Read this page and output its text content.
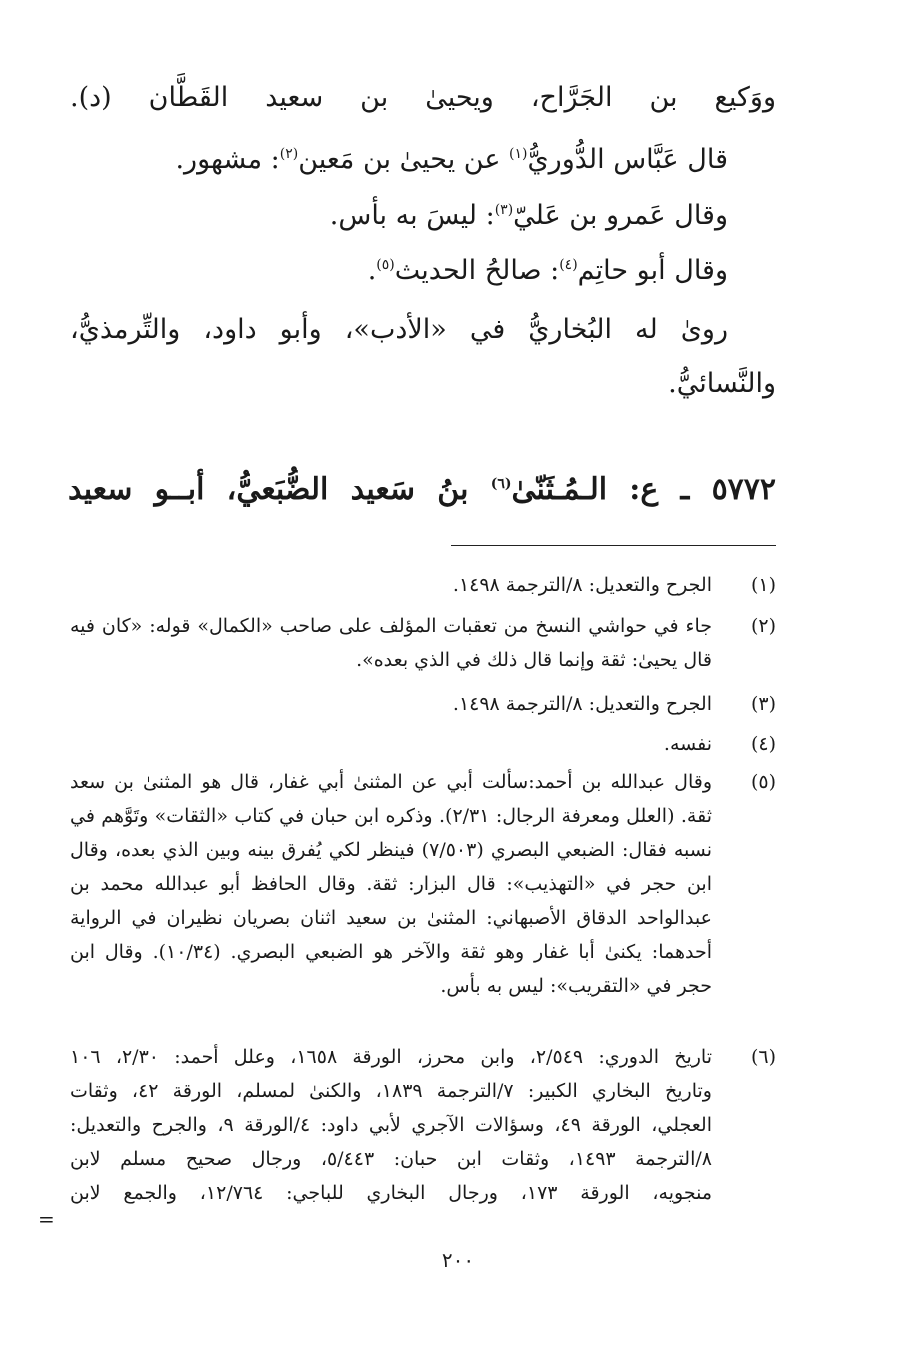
ووَكيع بن الجَرَّاح، ويحيىٰ بن سعيد القَطَّان (د).
قال عَبَّاس الدُّوريُّ$^{(١)}$ عن يحيىٰ بن مَعين$^{(٢)}$: مشهور.
وقال عَمرو بن عَليّ$^{(٣)}$: ليسَ به بأس.
وقال أبو حاتِم$^{(٤)}$: صالحُ الحديث$^{(٥)}$.
روىٰ له البُخاريُّ في «الأدب»، وأبو داود، والتِّرمذيُّ،
والنَّسائيُّ.
٥٧٧٢ ـ ع: الـمُـثَنّىٰ$^{(٦)}$ بنُ سَعيد الضُّبَعيُّ، أبــو سعيد
(١)
الجرح والتعديل: ٨/الترجمة ١٤٩٨.
(٢)
جاء في حواشي النسخ من تعقبات المؤلف على صاحب «الكمال» قوله: «كان فيه
قال يحيىٰ: ثقة وإنما قال ذلك في الذي بعده».
(٣)
الجرح والتعديل: ٨/الترجمة ١٤٩٨.
(٤)
نفسه.
(٥)
وقال عبدالله بن أحمد:سألت أبي عن المثنىٰ أبي غفار، قال هو المثنىٰ بن سعد
ثقة. (العلل ومعرفة الرجال: ٢/٣١). وذكره ابن حبان في كتاب «الثقات» وتَوَّهم في
نسبه فقال: الضبعي البصري (٧/٥٠٣) فينظر لكي يُفرق بينه وبين الذي بعده، وقال
ابن حجر في «التهذيب»: قال البزار: ثقة. وقال الحافظ أبو عبدالله محمد بن
عبدالواحد الدقاق الأصبهاني: المثنىٰ بن سعيد اثنان بصريان نظيران في الرواية
أحدهما: يكنىٰ أبا غفار وهو ثقة والآخر هو الضبعي البصري. (١٠/٣٤). وقال ابن
حجر في «التقريب»: ليس به بأس.
(٦)
تاريخ الدوري: ٢/٥٤٩، وابن محرز، الورقة ١٦٥٨، وعلل أحمد: ٢/٣٠، ١٠٦
وتاريخ البخاري الكبير: ٧/الترجمة ١٨٣٩، والكنىٰ لمسلم، الورقة ٤٢، وثقات
العجلي، الورقة ٤٩، وسؤالات الآجري لأبي داود: ٤/الورقة ٩، والجرح والتعديل:
٨/الترجمة ١٤٩٣، وثقات ابن حبان: ٥/٤٤٣، ورجال صحيح مسلم لابن
منجويه، الورقة ١٧٣، ورجال البخاري للباجي: ١٢/٧٦٤، والجمع لابن
=
٢٠٠
